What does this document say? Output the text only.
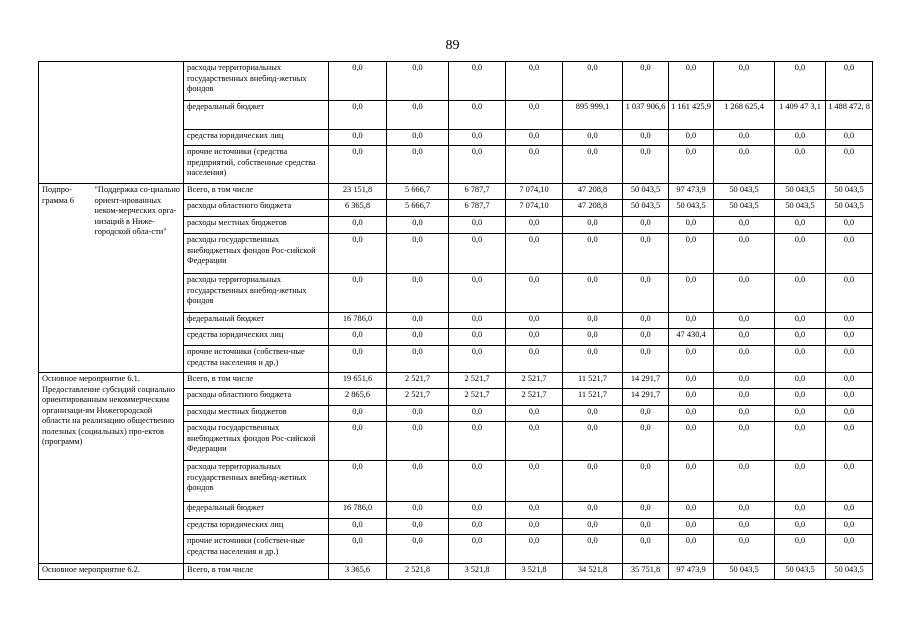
89
		расходы территориальных государственных внебюд-жетных фондов	0,0	0,0	0,0	0,0	0,0	0,0	0,0	0,0	0,0	0,0
		федеральный бюджет	0,0	0,0	0,0	0,0	895 999,1	1 037 906,6	1 161 425,9	1 268 625,4	1 409 47 3,1	1 488 472, 8
		средства юридических лиц	0,0	0,0	0,0	0,0	0,0	0,0	0,0	0,0	0,0	0,0
		прочие источники (средства предприятий, собственные средства населения)	0,0	0,0	0,0	0,0	0,0	0,0	0,0	0,0	0,0	0,0
Подпро-грамма 6	"Поддержка со-циально ориент-ированных неком-мерческих орга-низаций в Ниже-городской обла-сти"	Всего, в том числе	23 151,8	5 666,7	6 787,7	7 074,10	47 208,8	50 043,5	97 473,9	50 043,5	50 043,5	50 043,5
		расходы областного бюджета	6 365,8	5 666,7	6 787,7	7 074,10	47 208,8	50 043,5	50 043,5	50 043,5	50 043,5	50 043,5
		расходы местных бюджетов	0,0	0,0	0,0	0,0	0,0	0,0	0,0	0,0	0,0	0,0
		расходы государственных внебюджетных фондов Рос-сийской Федерации	0,0	0,0	0,0	0,0	0,0	0,0	0,0	0,0	0,0	0,0
		расходы территориальных государственных внебюд-жетных фондов	0,0	0,0	0,0	0,0	0,0	0,0	0,0	0,0	0,0	0,0
		федеральный бюджет	16 786,0	0,0	0,0	0,0	0,0	0,0	0,0	0,0	0,0	0,0
		средства юридических лиц	0,0	0,0	0,0	0,0	0,0	0,0	47 430,4	0,0	0,0	0,0
		прочие источники (собствен-ные средства населения и др.)	0,0	0,0	0,0	0,0	0,0	0,0	0,0	0,0	0,0	0,0
Основное мероприятие 6.1. Предоставление субсидий социально ориентированным некоммерческим организаци-ям Нижегородской области на реализацию общественно полезных (социальных) про-ектов (программ)		Всего, в том числе	19 651,6	2 521,7	2 521,7	2 521,7	11 521,7	14 291,7	0,0	0,0	0,0	0,0
		расходы областного бюджета	2 865,6	2 521,7	2 521,7	2 521,7	11 521,7	14 291,7	0,0	0,0	0,0	0,0
		расходы местных бюджетов	0,0	0,0	0,0	0,0	0,0	0,0	0,0	0,0	0,0	0,0
		расходы государственных внебюджетных фондов Рос-сийской Федерации	0,0	0,0	0,0	0,0	0,0	0,0	0,0	0,0	0,0	0,0
		расходы территориальных государственных внебюд-жетных фондов	0,0	0,0	0,0	0,0	0,0	0,0	0,0	0,0	0,0	0,0
		федеральный бюджет	16 786,0	0,0	0,0	0,0	0,0	0,0	0,0	0,0	0,0	0,0
		средства юридических лиц	0,0	0,0	0,0	0,0	0,0	0,0	0,0	0,0	0,0	0,0
		прочие источники (собствен-ные средства населения и др.)	0,0	0,0	0,0	0,0	0,0	0,0	0,0	0,0	0,0	0,0
Основное мероприятие 6.2.		Всего, в том числе	3 365,6	2 521,8	3 521,8	3 521,8	34 521,8	35 751,8	97 473,9	50 043,5	50 043,5	50 043,5
